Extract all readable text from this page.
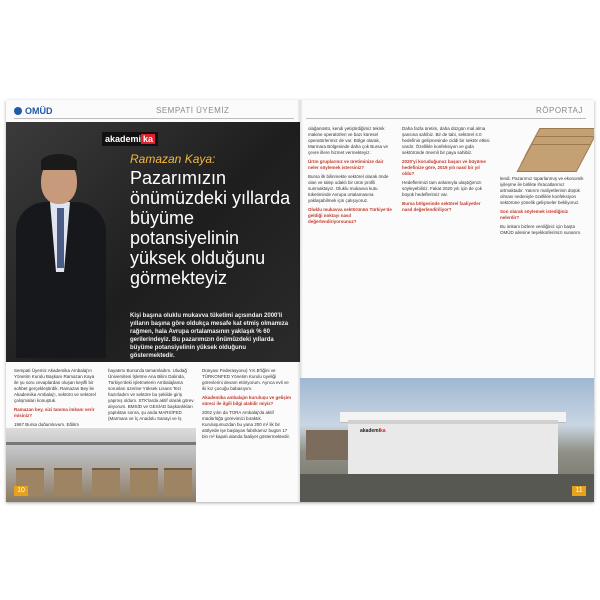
OMÜD	SEMPATİ ÜYEMİZ
akademi ka
Ramazan Kaya:
Pazarımızın önümüzdeki yıllarda büyüme potansiyelinin yüksek olduğunu görmekteyiz
Kişi başına oluklu mukavva tüketimi açısından 2000'li yılların başına göre oldukça mesafe kat etmiş olmamıza rağmen, hala Avrupa ortalamasının yaklaşık % 60 gerilerindeyiz. Bu pazarımızın önümüzdeki yıllarda büyüme potansiyelinin yüksek olduğunu göstermektedir.

Sempati Üyemiz Akademika Ambalaj'ın Yönetim Kurulu Başkanı Ramazan Kaya ile şu soru cevaplardan oluşan keyifli bir sohbet gerçekleştirdik. Ramazan Bey ile Akademika Ambalaj'ı, sektörü ve sektörel çalışmaları konuştuk.

Ramazan bey, sizi tanıma imkanı verir misiniz?

1967 Bursa doğumluyum. Eğitim

hayatımı Bursa'da tamamladım. Uludağ Üniversitesi İşletme Ana Bilim Dalında, Türkiye'deki işletmelerin Ambalajlama sorunları üzerine Yüksek Lisans Tezi hazırladım ve sektöre bu şekilde giriş yapmış oldum. STK'larda aktif olarak görev alıyorum. BMSİD ve GESİAD başkanlıkları yaptıktan sonra, şu anda MARSİFED (Marmara ve İç Anadolu Sanayi ve İş

Dünyası Federasyonu) Y.K.B'liğini ve TÜRKONFED Yönetim Kurulu üyeliği görevlerini devam ettiriyorum. Ayrıca evli ve iki kız çocuğu babasıyım.

Akademika ambalajın kuruluşu ve gelişim süreci ile ilgili bilgi alabilir miyiz?

2002 yılın da TORA Ambalaj'da aktif müdürlüğü görevimizi bıraktık. Kuruluşumuzdan bu yana 200 m² lik bir atölyede işe başlayan fabrikamız bugün 17 bin m² kapalı alanda faaliyet göstermektedir.

10
RÖPORTAJ

olağanüstü, kendi yetiştirdiğimiz teknik makine operatörleri ve bazı küresel operatörlerimiz de var. Bölge olarak, Marmara Bölgesinde daha çok Bursa ve çevre illere hizmet vermekteyiz.

Ürün gruplarınız ve üretiminize dair neler söylemek istersiniz?

Bursa ilk bilinmekte sektörel olarak önde olan ve talep odaklı bir ürün profili sunmaktayız. Oluklu mukavva kutu tüketiminde Avrupa ortalamasına yaklaşabilmek için çalışıyoruz.

Oluklu mukavva sektörünün Türkiye'de geldiği noktayı nasıl değerlendiriyorsunuz?

Daha fazla üretim, daha düzgün mal alma şansına sahibiz. Bir de tabi, sektörel 4.0 hedefinin gelişmesinde ciddi bir sektör etkisi vardır. Özellikle konfeksiyon ve gıda sektöründe önemli bir paya sahibiz.

2020'yi koruduğunuz başarı ve büyüme hedefinize göre, 2019 yılı nasıl bir yıl oldu?

Hedeflerimizi tam anlamıyla ulaştığımızı söyleyebiliriz. Fakat 2020 yılı için de çok büyük hedeflerimiz var.

Bursa bölgesinde sektörel faaliyetler nasıl değerlendiriliyor?

lendi. Pazarımız toparlanmış ve ekonomik iyileşme ile birlikte ihracatlarımız artmaktadır. Yatırım maliyetlerinin düşük olması nedeniyle özellikle konfeksiyon sektörüne yönelik gelişmeler bekliyoruz.

Son olarak söylemek istediğiniz nelerdir?

Bu imkanı bizlere verdiğiniz için başta OMÜD ailesine teşekkürlerimizi sunarım.

akademika
11
